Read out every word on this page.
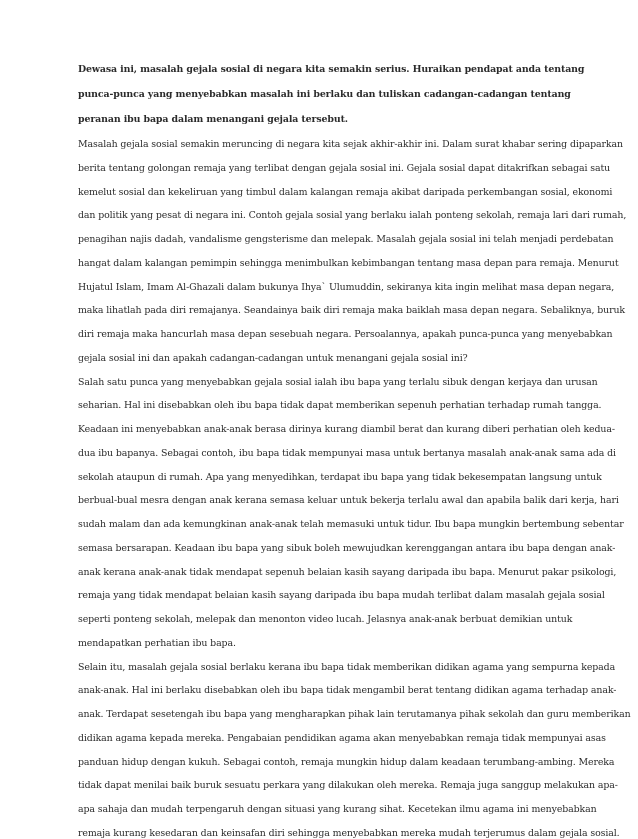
Dewasa ini, masalah gejala sosial di negara kita semakin serius. Huraikan pendapat anda tentang
punca-punca yang menyebabkan masalah ini berlaku dan tuliskan cadangan-cadangan tentang
peranan ibu bapa dalam menangani gejala tersebut.
Masalah gejala sosial semakin meruncing di negara kita sejak akhir-akhir ini. Dalam surat khabar sering dipaparkan
berita tentang golongan remaja yang terlibat dengan gejala sosial ini. Gejala sosial dapat ditakrifkan sebagai satu
kemelut sosial dan kekeliruan yang timbul dalam kalangan remaja akibat daripada perkembangan sosial, ekonomi
dan politik yang pesat di negara ini. Contoh gejala sosial yang berlaku ialah ponteng sekolah, remaja lari dari rumah,
penagihan najis dadah, vandalisme gengsterisme dan melepak. Masalah gejala sosial ini telah menjadi perdebatan
hangat dalam kalangan pemimpin sehingga menimbulkan kebimbangan tentang masa depan para remaja. Menurut
Hujatul Islam, Imam Al-Ghazali dalam bukunya Ihya` Ulumuddin, sekiranya kita ingin melihat masa depan negara,
maka lihatlah pada diri remajanya. Seandainya baik diri remaja maka baiklah masa depan negara. Sebaliknya, buruk
diri remaja maka hancurlah masa depan sesebuah negara. Persoalannya, apakah punca-punca yang menyebabkan
gejala sosial ini dan apakah cadangan-cadangan untuk menangani gejala sosial ini?
Salah satu punca yang menyebabkan gejala sosial ialah ibu bapa yang terlalu sibuk dengan kerjaya dan urusan
seharian. Hal ini disebabkan oleh ibu bapa tidak dapat memberikan sepenuh perhatian terhadap rumah tangga.
Keadaan ini menyebabkan anak-anak berasa dirinya kurang diambil berat dan kurang diberi perhatian oleh kedua-
dua ibu bapanya. Sebagai contoh, ibu bapa tidak mempunyai masa untuk bertanya masalah anak-anak sama ada di
sekolah ataupun di rumah. Apa yang menyedihkan, terdapat ibu bapa yang tidak bekesempatan langsung untuk
berbual-bual mesra dengan anak kerana semasa keluar untuk bekerja terlalu awal dan apabila balik dari kerja, hari
sudah malam dan ada kemungkinan anak-anak telah memasuki untuk tidur. Ibu bapa mungkin bertembung sebentar
semasa bersarapan. Keadaan ibu bapa yang sibuk boleh mewujudkan kerenggangan antara ibu bapa dengan anak-
anak kerana anak-anak tidak mendapat sepenuh belaian kasih sayang daripada ibu bapa. Menurut pakar psikologi,
remaja yang tidak mendapat belaian kasih sayang daripada ibu bapa mudah terlibat dalam masalah gejala sosial
seperti ponteng sekolah, melepak dan menonton video lucah. Jelasnya anak-anak berbuat demikian untuk
mendapatkan perhatian ibu bapa.
Selain itu, masalah gejala sosial berlaku kerana ibu bapa tidak memberikan didikan agama yang sempurna kepada
anak-anak. Hal ini berlaku disebabkan oleh ibu bapa tidak mengambil berat tentang didikan agama terhadap anak-
anak. Terdapat sesetengah ibu bapa yang mengharapkan pihak lain terutamanya pihak sekolah dan guru memberikan
didikan agama kepada mereka. Pengabaian pendidikan agama akan menyebabkan remaja tidak mempunyai asas
panduan hidup dengan kukuh. Sebagai contoh, remaja mungkin hidup dalam keadaan terumbang-ambing. Mereka
tidak dapat menilai baik buruk sesuatu perkara yang dilakukan oleh mereka. Remaja juga sanggup melakukan apa-
apa sahaja dan mudah terpengaruh dengan situasi yang kurang sihat. Kecetekan ilmu agama ini menyebabkan
remaja kurang kesedaran dan keinsafan diri sehingga menyebabkan mereka mudah terjerumus dalam gejala sosial.
